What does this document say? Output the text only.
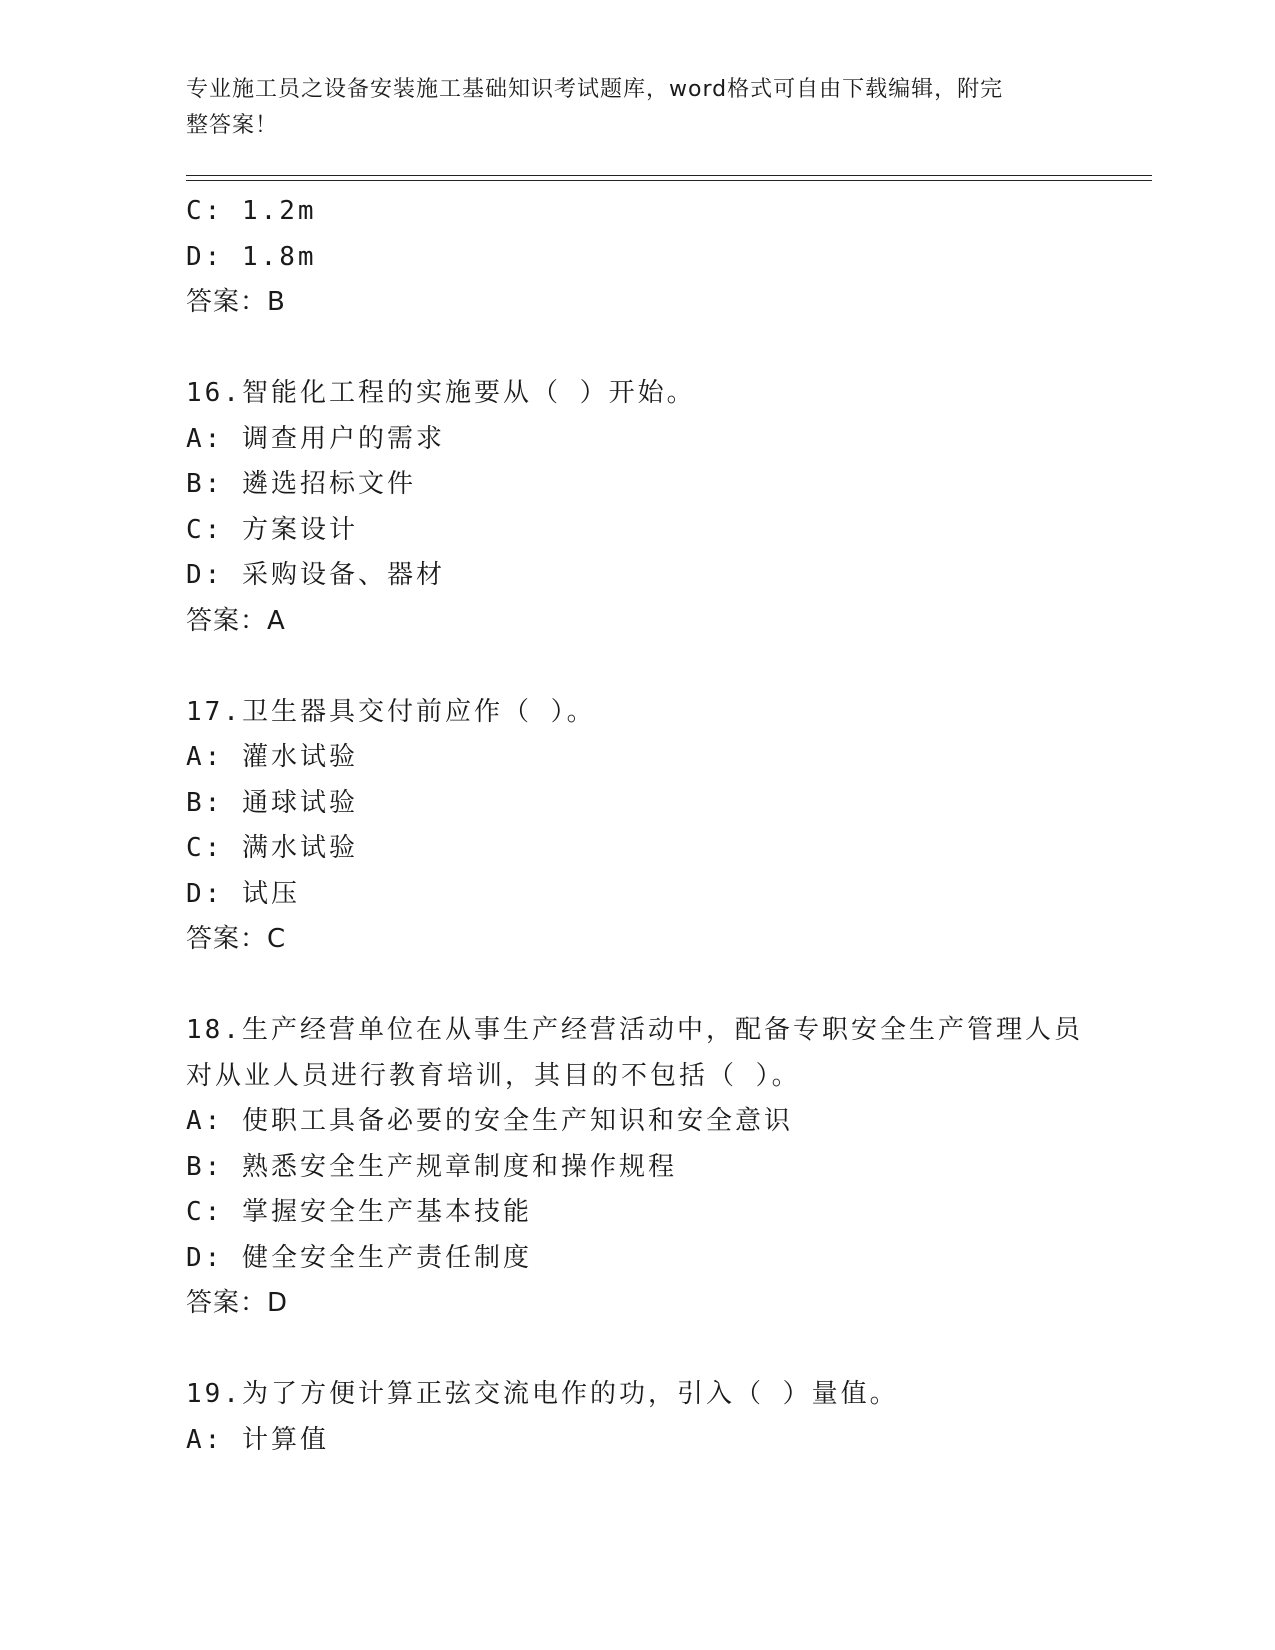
专业施工员之设备安装施工基础知识考试题库，word格式可自由下载编辑，附完
整答案！
C: 1.2m
D: 1.8m
答案：B
16.智能化工程的实施要从（ ）开始。
A: 调查用户的需求
B: 遴选招标文件
C: 方案设计
D: 采购设备、器材
答案：A
17.卫生器具交付前应作（ ）。
A: 灌水试验
B: 通球试验
C: 满水试验
D: 试压
答案：C
18.生产经营单位在从事生产经营活动中，配备专职安全生产管理人员
对从业人员进行教育培训，其目的不包括（ ）。
A: 使职工具备必要的安全生产知识和安全意识
B: 熟悉安全生产规章制度和操作规程
C: 掌握安全生产基本技能
D: 健全安全生产责任制度
答案：D
19.为了方便计算正弦交流电作的功，引入（ ）量值。
A: 计算值
